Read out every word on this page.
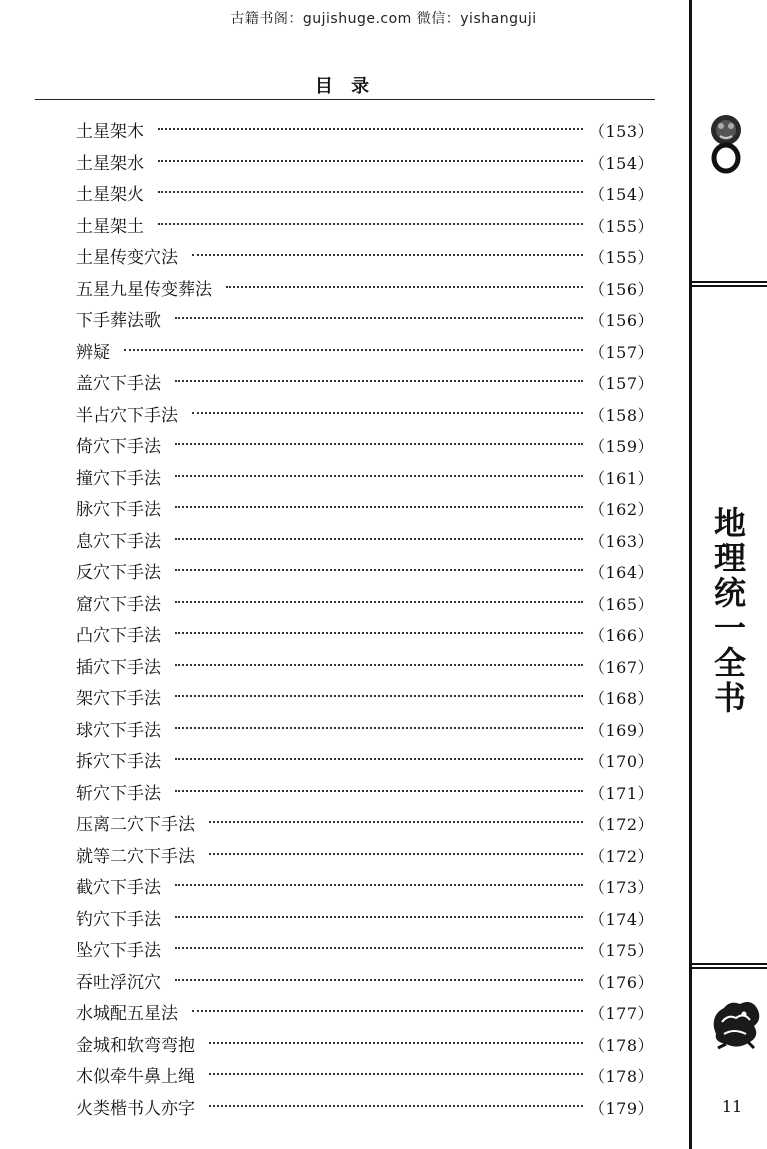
古籍书阁：gujishuge.com 微信：yishanguji
目 录
土星架木	（153）
土星架水	（154）
土星架火	（154）
土星架土	（155）
土星传变穴法	（155）
五星九星传变葬法	（156）
下手葬法歌	（156）
辨疑	（157）
盖穴下手法	（157）
半占穴下手法	（158）
倚穴下手法	（159）
撞穴下手法	（161）
脉穴下手法	（162）
息穴下手法	（163）
反穴下手法	（164）
窟穴下手法	（165）
凸穴下手法	（166）
插穴下手法	（167）
架穴下手法	（168）
球穴下手法	（169）
拆穴下手法	（170）
斩穴下手法	（171）
压离二穴下手法	（172）
就等二穴下手法	（172）
截穴下手法	（173）
钓穴下手法	（174）
坠穴下手法	（175）
吞吐浮沉穴	（176）
水城配五星法	（177）
金城和软弯弯抱	（178）
木似牵牛鼻上绳	（178）
火类楷书人亦字	（179）
地理统一全书
11
